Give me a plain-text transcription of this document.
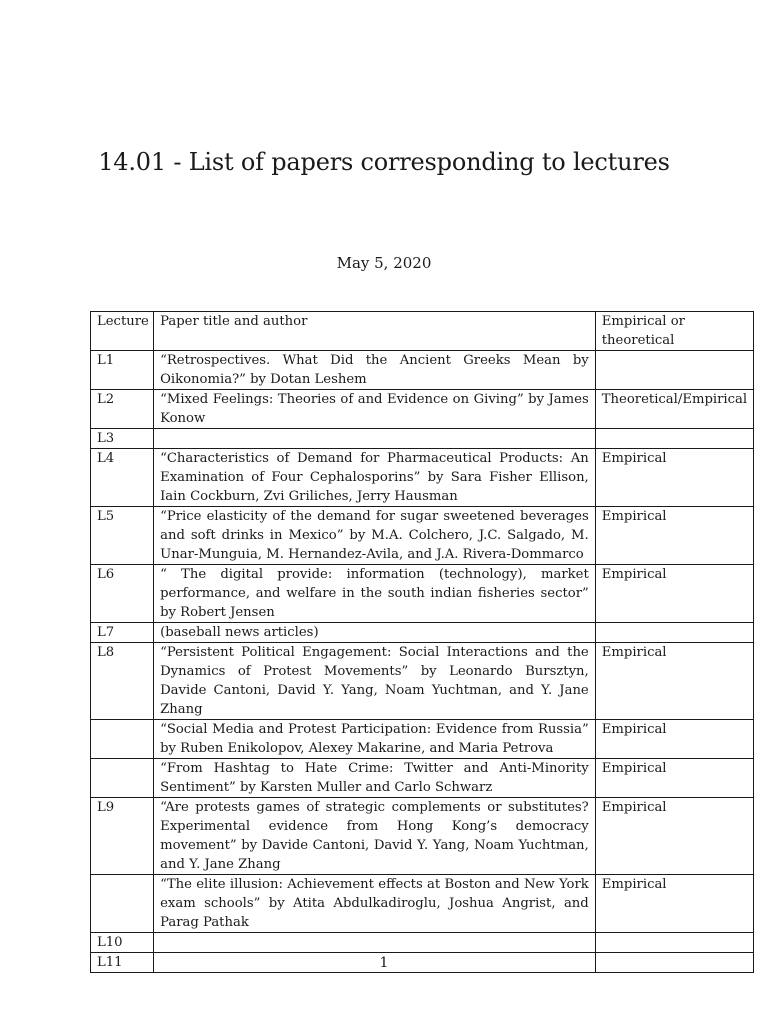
14.01 - List of papers corresponding to lectures
May 5, 2020
Lecture	Paper title and author	Empirical or theoretical
L1	“Retrospectives. What Did the Ancient Greeks Mean by Oikonomia?” by Dotan Leshem	
L2	“Mixed Feelings: Theories of and Evidence on Giving” by James Konow	Theoretical/Empirical
L3		
L4	“Characteristics of Demand for Pharmaceutical Products: An Examination of Four Cephalosporins” by Sara Fisher Ellison, Iain Cockburn, Zvi Griliches, Jerry Hausman	Empirical
L5	“Price elasticity of the demand for sugar sweetened beverages and soft drinks in Mexico” by M.A. Colchero, J.C. Salgado, M. Unar-Munguia, M. Hernandez-Avila, and J.A. Rivera-Dommarco	Empirical
L6	“ The digital provide: information (technology), market performance, and welfare in the south indian fisheries sector” by Robert Jensen	Empirical
L7	(baseball news articles)	
L8	“Persistent Political Engagement: Social Interactions and the Dynamics of Protest Movements” by Leonardo Bursztyn, Davide Cantoni, David Y. Yang, Noam Yuchtman, and Y. Jane Zhang	Empirical
	“Social Media and Protest Participation: Evidence from Russia” by Ruben Enikolopov, Alexey Makarine, and Maria Petrova	Empirical
	“From Hashtag to Hate Crime: Twitter and Anti-Minority Sentiment” by Karsten Muller and Carlo Schwarz	Empirical
L9	“Are protests games of strategic complements or substitutes? Experimental evidence from Hong Kong’s democracy movement” by Davide Cantoni, David Y. Yang, Noam Yuchtman, and Y. Jane Zhang	Empirical
	“The elite illusion: Achievement effects at Boston and New York exam schools” by Atita Abdulkadiroglu, Joshua Angrist, and Parag Pathak	Empirical
L10		
L11			1
